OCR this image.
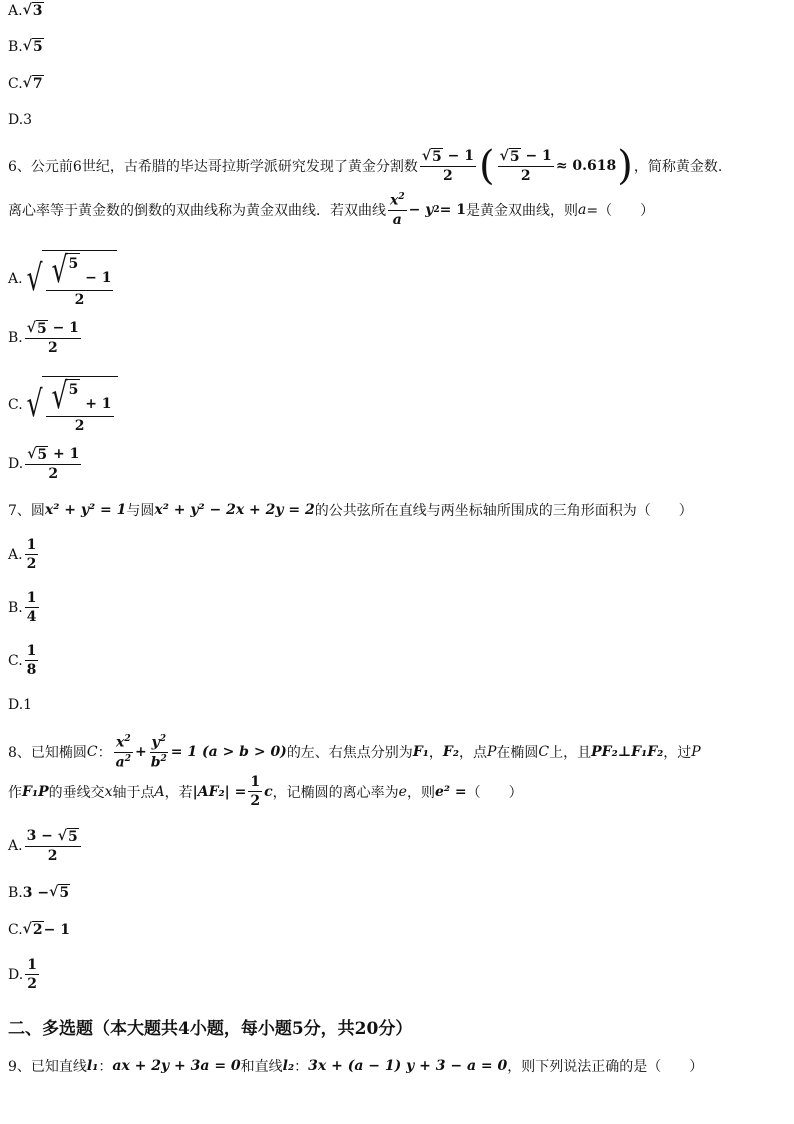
A. √ 3
B. √ 5
C. √ 7
D.3
6、公元前6世纪，古希腊的毕达哥拉斯学派研究发现了黄金分割数 $\frac{√ 5 - 1}{2}$ ( $\frac{√ 5 - 1}{2} \approx 0.618$ ) ，简称黄金数.
离心率等于黄金数的倒数的双曲线称为黄金双曲线．若双曲线 $\frac{x^2}{a} - y$ 2 = 1 是黄金双曲线，则 a =（　　）
A. √ √ 5
− 1
2
B. $\frac{√ 5 - 1}{2}$
C. √ √ 5
+ 1
2
D. $\frac{√ 5 + 1}{2}$
7、圆 x² + y² = 1 与圆 x² + y² − 2x + 2y = 2 的公共弦所在直线与两坐标轴所围成的三角形面积为（　　）
A. $\frac{1}{2}$
B. $\frac{1}{4}$
C. $\frac{1}{8}$
D.1
8、已知椭圆 C ： $\frac{x^2}{a^2} + \frac{y^2}{b^2} = 1$ (a > b > 0) 的左、右焦点分别为 F₁ ， F₂ ，点 P 在椭圆 C 上，且 PF₂⊥F₁F₂ ，过 P
作 F₁P 的垂线交 x 轴于点 A ，若 $|AF_2| = \frac{1}{2}$ c ，记椭圆的离心率为 e ，则 e² = （　　）
A. $\frac{3 - √ 5}{2}$
B. 3 − √ 5
C. √ 2 − 1
D. $\frac{1}{2}$
二、多选题（本大题共4小题，每小题5分，共20分）
9、已知直线 l₁ ： ax + 2y + 3a = 0 和直线 l₂ ： 3x + (a − 1) y + 3 − a = 0 ，则下列说法正确的是（　　）
